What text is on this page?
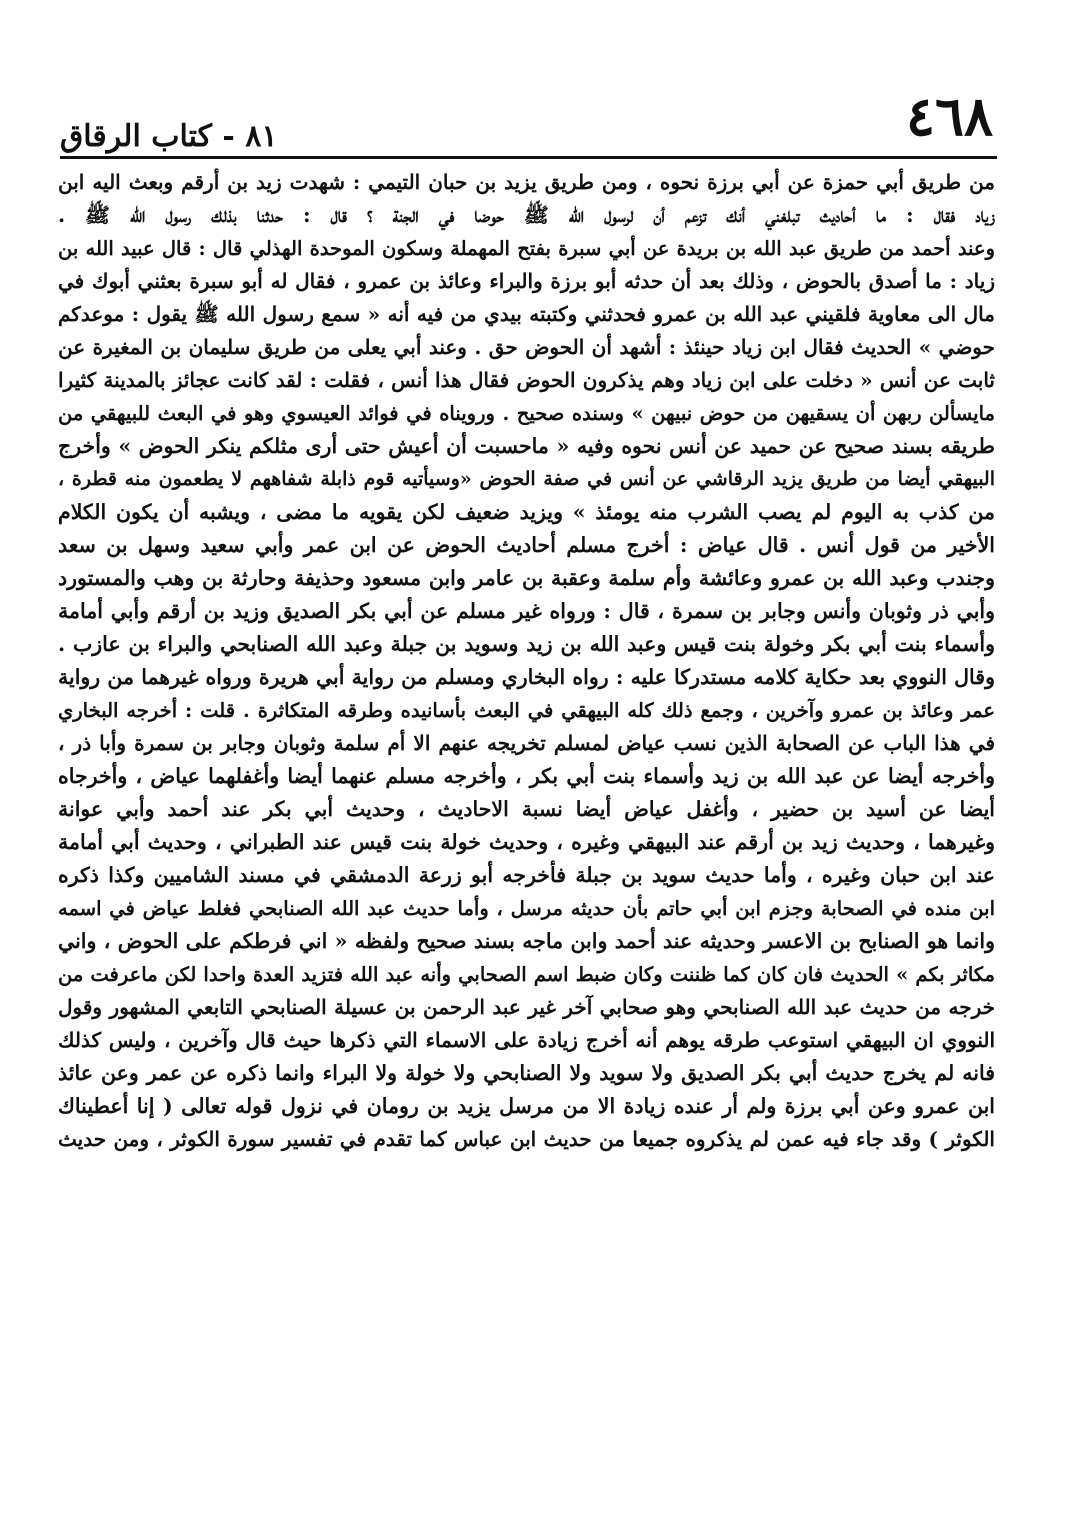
٤٦٨
٨١ - كتاب الرقاق
من طريق أبي حمزة عن أبي برزة نحوه ، ومن طريق يزيد بن حبان التيمي : شهدت زيد بن أرقم وبعث اليه ابن
زياد فقال : ما أحاديث تبلغني أنك تزعم أن لرسول الله ﷺ حوضا في الجنة ؟ قال : حدثنا بذلك رسول الله ﷺ .
وعند أحمد من طريق عبد الله بن بريدة عن أبي سبرة بفتح المهملة وسكون الموحدة الهذلي قال : قال عبيد الله بن
زياد : ما أصدق بالحوض ، وذلك بعد أن حدثه أبو برزة والبراء وعائذ بن عمرو ، فقال له أبو سبرة بعثني أبوك في
مال الى معاوية فلقيني عبد الله بن عمرو فحدثني وكتبته بيدي من فيه أنه « سمع رسول الله ﷺ يقول : موعدكم
حوضي » الحديث فقال ابن زياد حينئذ : أشهد أن الحوض حق . وعند أبي يعلى من طريق سليمان بن المغيرة عن
ثابت عن أنس « دخلت على ابن زياد وهم يذكرون الحوض فقال هذا أنس ، فقلت : لقد كانت عجائز بالمدينة كثيرا
مايسألن ربهن أن يسقيهن من حوض نبيهن » وسنده صحيح . ورويناه في فوائد العيسوي وهو في البعث للبيهقي من
طريقه بسند صحيح عن حميد عن أنس نحوه وفيه « ماحسبت أن أعيش حتى أرى مثلكم ينكر الحوض » وأخرج
البيهقي أيضا من طريق يزيد الرقاشي عن أنس في صفة الحوض «وسيأتيه قوم ذابلة شفاههم لا يطعمون منه قطرة ،
من كذب به اليوم لم يصب الشرب منه يومئذ » ويزيد ضعيف لكن يقويه ما مضى ، ويشبه أن يكون الكلام
الأخير من قول أنس . قال عياض : أخرج مسلم أحاديث الحوض عن ابن عمر وأبي سعيد وسهل بن سعد
وجندب وعبد الله بن عمرو وعائشة وأم سلمة وعقبة بن عامر وابن مسعود وحذيفة وحارثة بن وهب والمستورد
وأبي ذر وثوبان وأنس وجابر بن سمرة ، قال : ورواه غير مسلم عن أبي بكر الصديق وزيد بن أرقم وأبي أمامة
وأسماء بنت أبي بكر وخولة بنت قيس وعبد الله بن زيد وسويد بن جبلة وعبد الله الصنابحي والبراء بن عازب .
وقال النووي بعد حكاية كلامه مستدركا عليه : رواه البخاري ومسلم من رواية أبي هريرة ورواه غيرهما من رواية
عمر وعائذ بن عمرو وآخرين ، وجمع ذلك كله البيهقي في البعث بأسانيده وطرقه المتكاثرة . قلت : أخرجه البخاري
في هذا الباب عن الصحابة الذين نسب عياض لمسلم تخريجه عنهم الا أم سلمة وثوبان وجابر بن سمرة وأبا ذر ،
وأخرجه أيضا عن عبد الله بن زيد وأسماء بنت أبي بكر ، وأخرجه مسلم عنهما أيضا وأغفلهما عياض ، وأخرجاه
أيضا عن أسيد بن حضير ، وأغفل عياض أيضا نسبة الاحاديث ، وحديث أبي بكر عند أحمد وأبي عوانة
وغيرهما ، وحديث زيد بن أرقم عند البيهقي وغيره ، وحديث خولة بنت قيس عند الطبراني ، وحديث أبي أمامة
عند ابن حبان وغيره ، وأما حديث سويد بن جبلة فأخرجه أبو زرعة الدمشقي في مسند الشاميين وكذا ذكره
ابن منده في الصحابة وجزم ابن أبي حاتم بأن حديثه مرسل ، وأما حديث عبد الله الصنابحي فغلط عياض في اسمه
وانما هو الصنابح بن الاعسر وحديثه عند أحمد وابن ماجه بسند صحيح ولفظه « اني فرطكم على الحوض ، واني
مكاثر بكم » الحديث فان كان كما ظننت وكان ضبط اسم الصحابي وأنه عبد الله فتزيد العدة واحدا لكن ماعرفت من
خرجه من حديث عبد الله الصنابحي وهو صحابي آخر غير عبد الرحمن بن عسيلة الصنابحي التابعي المشهور وقول
النووي ان البيهقي استوعب طرقه يوهم أنه أخرج زيادة على الاسماء التي ذكرها حيث قال وآخرين ، وليس كذلك
فانه لم يخرج حديث أبي بكر الصديق ولا سويد ولا الصنابحي ولا خولة ولا البراء وانما ذكره عن عمر وعن عائذ
ابن عمرو وعن أبي برزة ولم أر عنده زيادة الا من مرسل يزيد بن رومان في نزول قوله تعالى ( إنا أعطيناك
الكوثر ) وقد جاء فيه عمن لم يذكروه جميعا من حديث ابن عباس كما تقدم في تفسير سورة الكوثر ، ومن حديث
